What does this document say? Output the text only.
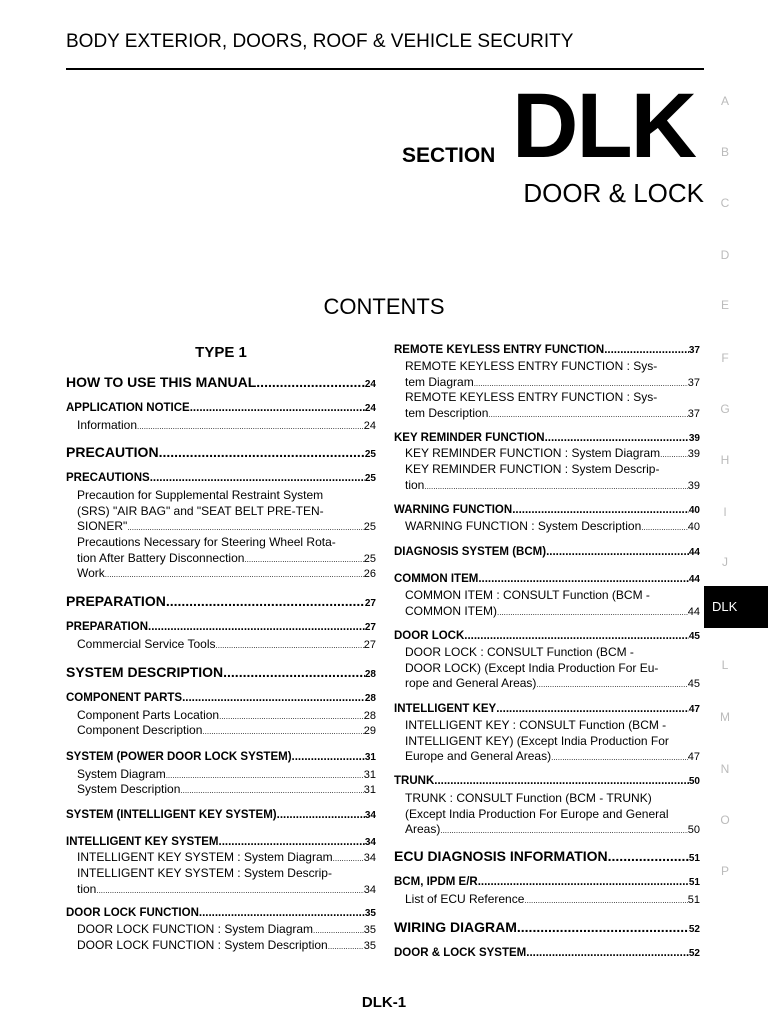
BODY EXTERIOR, DOORS, ROOF & VEHICLE SECURITY
SECTION DLK
DOOR & LOCK
CONTENTS
TYPE 1
A
B
C
D
E
F
G
H
I
J
L
M
N
O
P
DLK
HOW TO USE THIS MANUAL .....	24
APPLICATION NOTICE .....	24
Information .....	24
PRECAUTION .....	25
PRECAUTIONS .....	25
Precaution for Supplemental Restraint System
(SRS) "AIR BAG" and "SEAT BELT PRE-TEN-
SIONER" .....	25
Precautions Necessary for Steering Wheel Rota-
tion After Battery Disconnection .....	25
Work .....	26
PREPARATION .....	27
PREPARATION .....	27
Commercial Service Tools .....	27
SYSTEM DESCRIPTION .....	28
COMPONENT PARTS .....	28
Component Parts Location .....	28
Component Description .....	29
SYSTEM (POWER DOOR LOCK SYSTEM) .....	31
System Diagram .....	31
System Description .....	31
SYSTEM (INTELLIGENT KEY SYSTEM) .....	34
INTELLIGENT KEY SYSTEM .....	34
INTELLIGENT KEY SYSTEM : System Diagram .....	34
INTELLIGENT KEY SYSTEM : System Descrip-
tion .....	34
DOOR LOCK FUNCTION .....	35
DOOR LOCK FUNCTION : System Diagram .....	35
DOOR LOCK FUNCTION : System Description .....	35
REMOTE KEYLESS ENTRY FUNCTION .....	37
REMOTE KEYLESS ENTRY FUNCTION : Sys-
tem Diagram .....	37
REMOTE KEYLESS ENTRY FUNCTION : Sys-
tem Description .....	37
KEY REMINDER FUNCTION .....	39
KEY REMINDER FUNCTION : System Diagram .....	39
KEY REMINDER FUNCTION : System Descrip-
tion .....	39
WARNING FUNCTION .....	40
WARNING FUNCTION : System Description .....	40
DIAGNOSIS SYSTEM (BCM) .....	44
COMMON ITEM .....	44
COMMON ITEM : CONSULT Function (BCM -
COMMON ITEM) .....	44
DOOR LOCK .....	45
DOOR LOCK : CONSULT Function (BCM -
DOOR LOCK) (Except India Production For Eu-
rope and General Areas) .....	45
INTELLIGENT KEY .....	47
INTELLIGENT KEY : CONSULT Function (BCM -
INTELLIGENT KEY) (Except India Production For
Europe and General Areas) .....	47
TRUNK .....	50
TRUNK : CONSULT Function (BCM - TRUNK)
(Except India Production For Europe and General
Areas) .....	50
ECU DIAGNOSIS INFORMATION .....	51
BCM, IPDM E/R .....	51
List of ECU Reference .....	51
WIRING DIAGRAM .....	52
DOOR & LOCK SYSTEM .....	52
DLK-1
